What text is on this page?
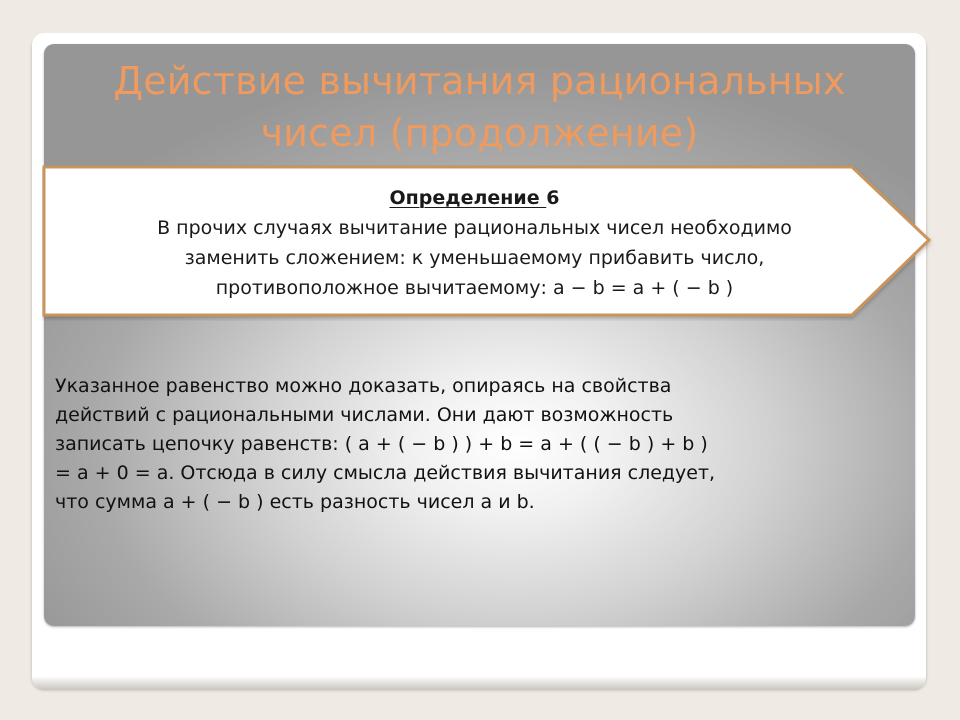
Действие вычитания рациональных
чисел (продолжение)
Определение 6
В прочих случаях вычитание рациональных чисел необходимо
заменить сложением: к уменьшаемому прибавить число,
противоположное вычитаемому: a − b = a + ( − b )
Указанное равенство можно доказать, опираясь на свойства
действий с рациональными числами. Они дают возможность
записать цепочку равенств: ( a + ( − b ) ) + b = a + ( ( − b ) + b )
= a + 0 = a. Отсюда в силу смысла действия вычитания следует,
что сумма a + ( − b ) есть разность чисел a и b.
